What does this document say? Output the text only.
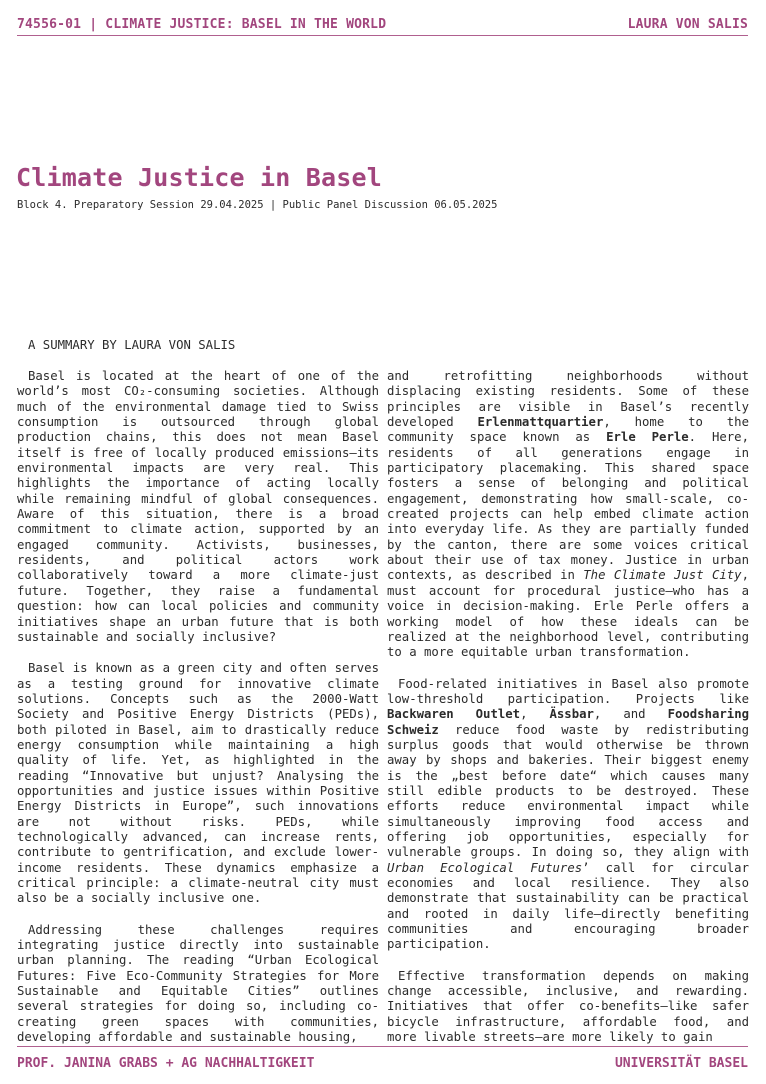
74556-01 | CLIMATE JUSTICE: BASEL IN THE WORLD	LAURA VON SALIS
Climate Justice in Basel
Block 4. Preparatory Session 29.04.2025 | Public Panel Discussion 06.05.2025
A SUMMARY BY LAURA VON SALIS

Basel is located at the heart of one of the world’s most CO₂-consuming societies. Although much of the environmental damage tied to Swiss consumption is outsourced through global production chains, this does not mean Basel itself is free of locally produced emissions—its environmental impacts are very real. This highlights the importance of acting locally while remaining mindful of global consequences. Aware of this situation, there is a broad commitment to climate action, supported by an engaged community. Activists, businesses, residents, and political actors work collaboratively toward a more climate-just future. Together, they raise a fundamental question: how can local policies and community initiatives shape an urban future that is both sustainable and socially inclusive?

Basel is known as a green city and often serves as a testing ground for innovative climate solutions. Concepts such as the 2000-Watt Society and Positive Energy Districts (PEDs), both piloted in Basel, aim to drastically reduce energy consumption while maintaining a high quality of life. Yet, as highlighted in the reading “Innovative but unjust? Analysing the opportunities and justice issues within Positive Energy Districts in Europe”, such innovations are not without risks. PEDs, while technologically advanced, can increase rents, contribute to gentrification, and exclude lower-income residents. These dynamics emphasize a critical principle: a climate-neutral city must also be a socially inclusive one.

Addressing these challenges requires integrating justice directly into sustainable urban planning. The reading “Urban Ecological Futures: Five Eco-Community Strategies for More Sustainable and Equitable Cities” outlines several strategies for doing so, including co-creating green spaces with communities, developing affordable and sustainable housing,

and retrofitting neighborhoods without displacing existing residents. Some of these principles are visible in Basel’s recently developed Erlenmattquartier, home to the community space known as Erle Perle. Here, residents of all generations engage in participatory placemaking. This shared space fosters a sense of belonging and political engagement, demonstrating how small-scale, co-created projects can help embed climate action into everyday life. As they are partially funded by the canton, there are some voices critical about their use of tax money. Justice in urban contexts, as described in The Climate Just City, must account for procedural justice—who has a voice in decision-making. Erle Perle offers a working model of how these ideals can be realized at the neighborhood level, contributing to a more equitable urban transformation.

Food-related initiatives in Basel also promote low-threshold participation. Projects like Backwaren Outlet, Ässbar, and Foodsharing Schweiz reduce food waste by redistributing surplus goods that would otherwise be thrown away by shops and bakeries. Their biggest enemy is the „best before date“ which causes many still edible products to be destroyed. These efforts reduce environmental impact while simultaneously improving food access and offering job opportunities, especially for vulnerable groups. In doing so, they align with Urban Ecological Futures’ call for circular economies and local resilience. They also demonstrate that sustainability can be practical and rooted in daily life—directly benefiting communities and encouraging broader participation.

Effective transformation depends on making change accessible, inclusive, and rewarding. Initiatives that offer co-benefits—like safer bicycle infrastructure, affordable food, and more livable streets—are more likely to gain

PROF. JANINA GRABS + AG NACHHALTIGKEIT	UNIVERSITÄT BASEL
